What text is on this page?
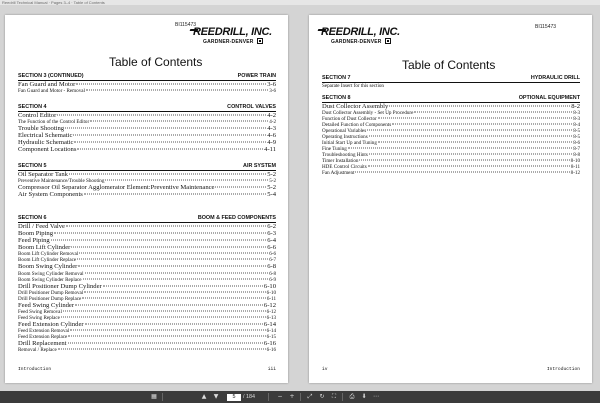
Reedrill Technical Manual · Pages 3–4 · Table of Contents
BI115473
REEDRILL, INC.
GARDNER-DENVER
Table of Contents
SECTION 3 (CONTINUED)	POWER TRAIN
Fan Guard and Motor	3-6
Fan Guard and Motor - Removal	3-6
SECTION 4	CONTROL VALVES
Control Editor	4-2
The Function of the Control Editor	4-2
Trouble Shooting	4-3
Electrical Schematic	4-6
Hydraulic Schematic	4-9
Component Locations	4-11
SECTION 5	AIR SYSTEM
Oil Separator Tank	5-2
Preventive Maintenance/Trouble Shooting	5-2
Compressor Oil Separator Agglomerator Element:Preventive Maintenance	5-2
Air System Components	5-4
SECTION 6	BOOM & FEED COMPONENTS
Drill / Feed Valve	6-2
Boom Piping	6-3
Feed Piping	6-4
Boom Lift Cylinder	6-6
Boom Lift Cylinder Removal	6-6
Boom Lift Cylinder Replace	6-7
Boom Swing Cylinder	6-8
Boom Swing Cylinder Removal	6-8
Boom Swing Cylinder Replace	6-9
Drill Positioner Dump Cylinder	6-10
Drill Positioner Dump Removal	6-10
Drill Positioner Dump Replace	6-11
Feed Swing Cylinder	6-12
Feed Swing Removal	6-12
Feed Swing Replace	6-13
Feed Extension Cylinder	6-14
Feed Extension Removal	6-14
Feed Extension Replace	6-15
Drill Replacement	6-16
Removal / Replace	6-16
Introduction	iii
REEDRILL, INC.
GARDNER-DENVER
BI115473
Table of Contents
SECTION 7	HYDRAULIC DRILL
Separate Insert for this section
SECTION 8	OPTIONAL EQUIPMENT
Dust Collector Assembly	8-2
Dust Collector Assembly - Set Up Procedure	8-3
Function of Dust Collector	8-3
Detailed Function of Components	8-4
Operational Variables	8-5
Operating Instructions	8-5
Initial Start Up and Tuning	8-6
Fine Tuning	8-7
Troubleshooting Hints	8-8
Timer Installation	8-10
HDE Control Circuits	8-11
Fan Adjustment	8-12
iv	Introduction
▦	▲ ▼	5	/ 184	− + ⤢ ↻	⛶	⎙ ⬇ ⋯
